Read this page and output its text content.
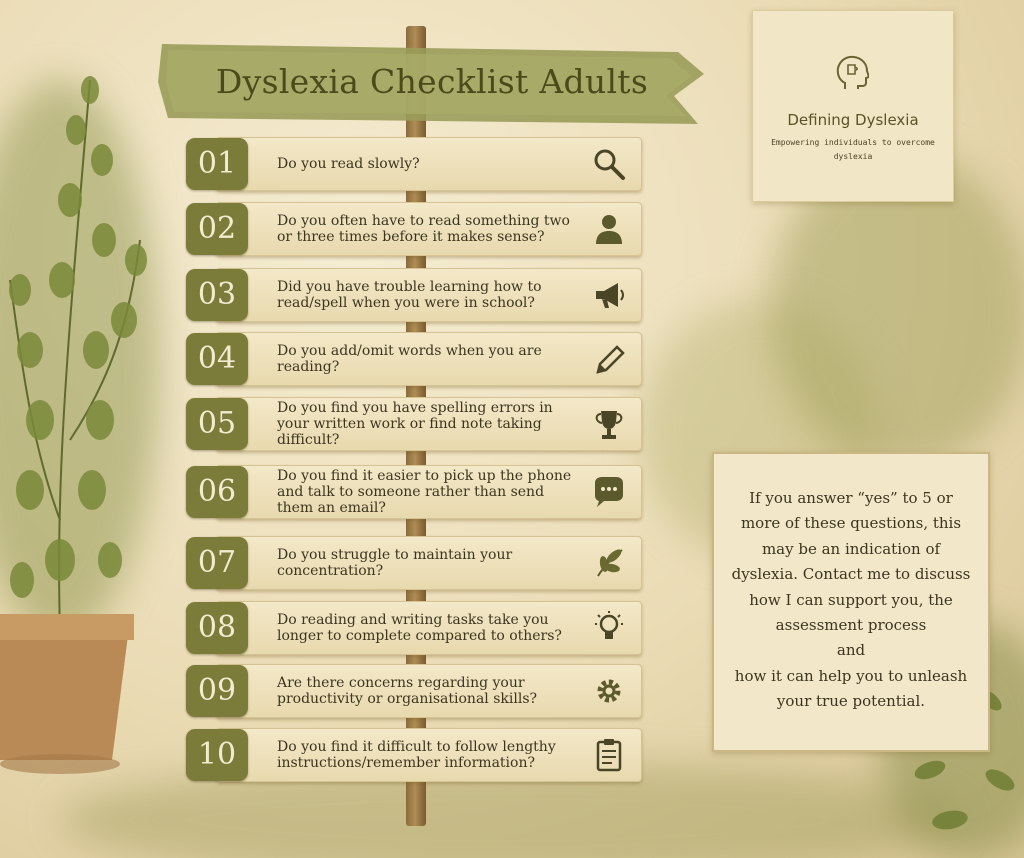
Dyslexia Checklist Adults
Defining Dyslexia
Empowering individuals to overcome dyslexia
01	Do you read slowly?
02	Do you often have to read something two or three times before it makes sense?
03	Did you have trouble learning how to read/spell when you were in school?
04	Do you add/omit words when you are reading?
05	Do you find you have spelling errors in your written work or find note taking difficult?
06	Do you find it easier to pick up the phone and talk to someone rather than send them an email?
07	Do you struggle to maintain your concentration?
08	Do reading and writing tasks take you longer to complete compared to others?
09	Are there concerns regarding your productivity or organisational skills?
10	Do you find it difficult to follow lengthy instructions/remember information?
If you answer “yes” to 5 or more of these questions, this may be an indication of dyslexia. Contact me to discuss how I can support you, the assessment process
and
how it can help you to unleash your true potential.
